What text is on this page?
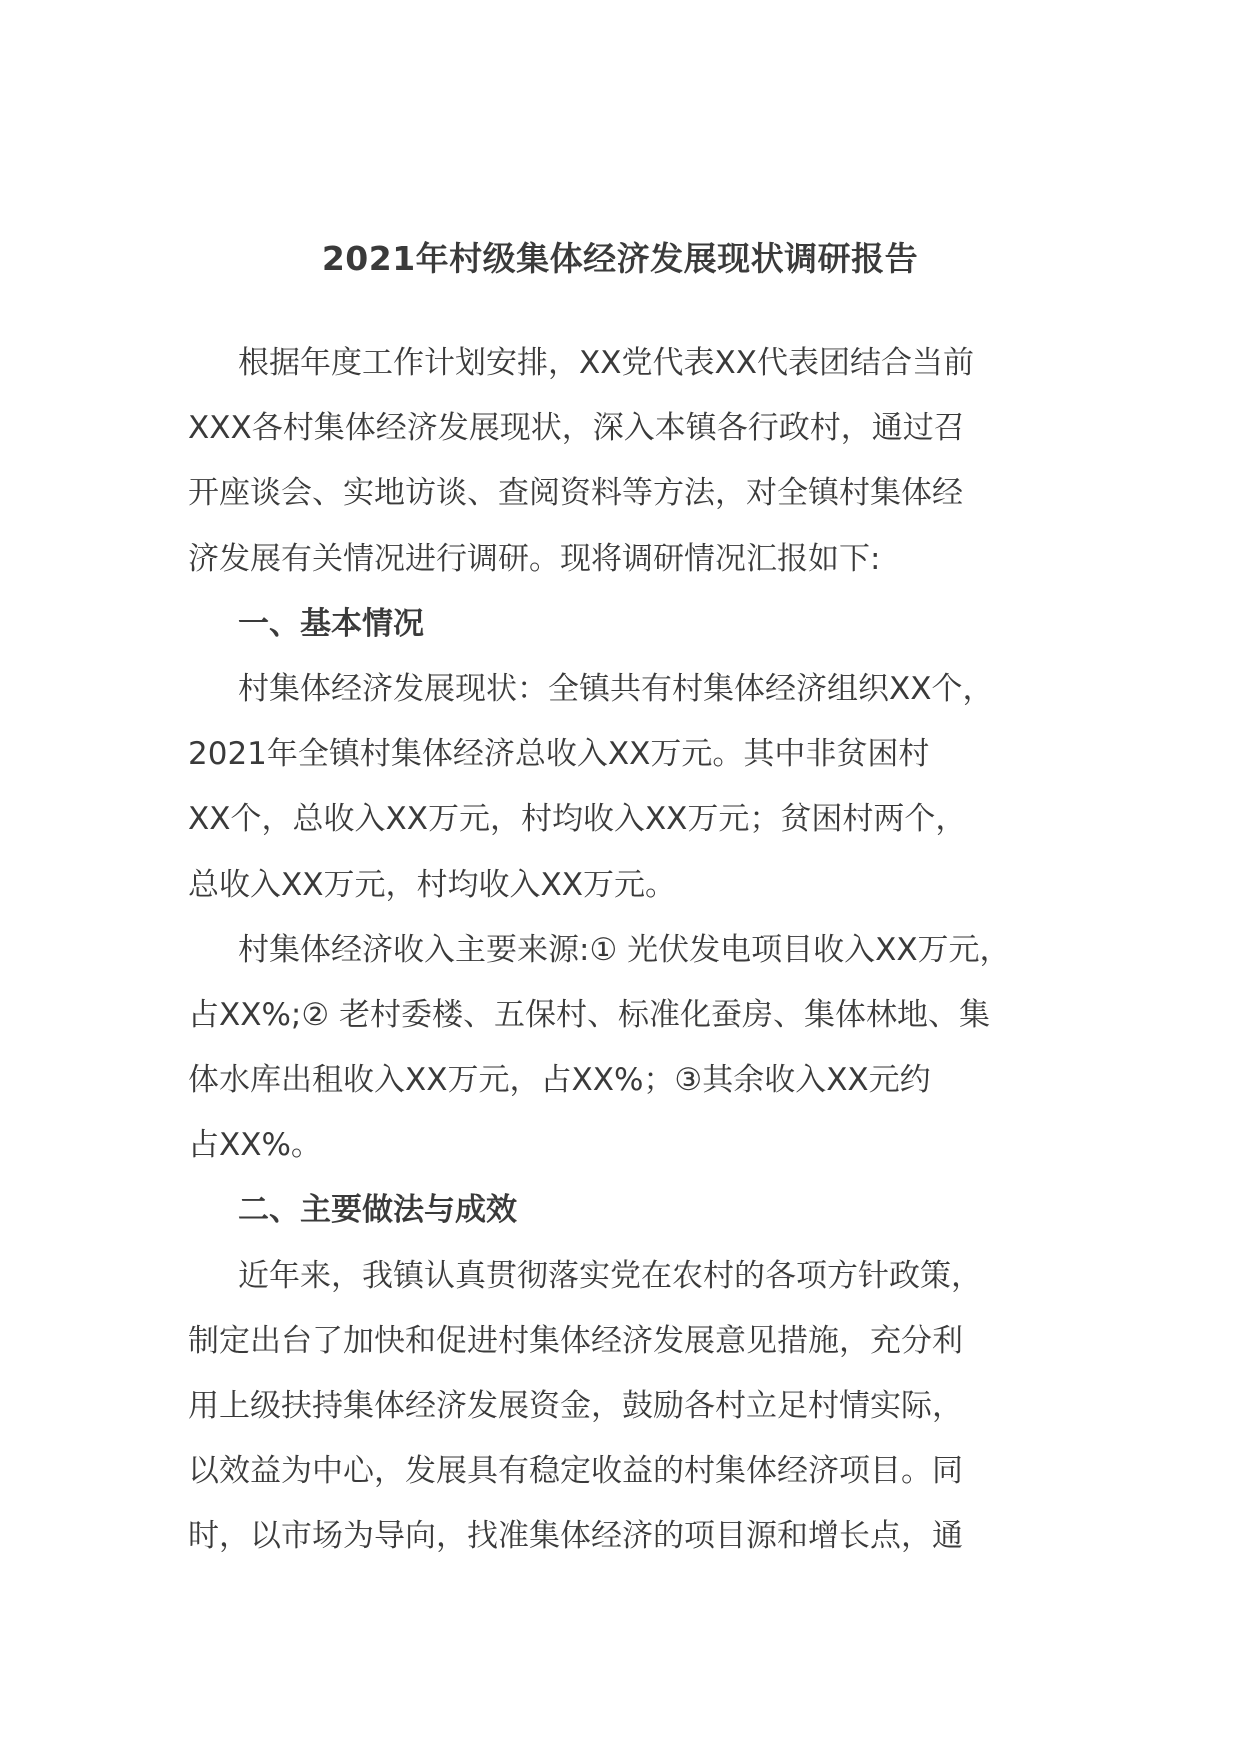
2021年村级集体经济发展现状调研报告
根据年度工作计划安排，XX党代表XX代表团结合当前
XXX各村集体经济发展现状，深入本镇各行政村，通过召
开座谈会、实地访谈、查阅资料等方法，对全镇村集体经
济发展有关情况进行调研。现将调研情况汇报如下:
一、基本情况
村集体经济发展现状：全镇共有村集体经济组织XX个，
2021年全镇村集体经济总收入XX万元。其中非贫困村
XX个，总收入XX万元，村均收入XX万元；贫困村两个，
总收入XX万元，村均收入XX万元。
村集体经济收入主要来源:① 光伏发电项目收入XX万元，
占XX%;② 老村委楼、五保村、标准化蚕房、集体林地、集
体水库出租收入XX万元，占XX%；③其余收入XX元约
占XX%。
二、主要做法与成效
近年来，我镇认真贯彻落实党在农村的各项方针政策，
制定出台了加快和促进村集体经济发展意见措施，充分利
用上级扶持集体经济发展资金，鼓励各村立足村情实际，
以效益为中心，发展具有稳定收益的村集体经济项目。同
时，以市场为导向，找准集体经济的项目源和增长点，通
